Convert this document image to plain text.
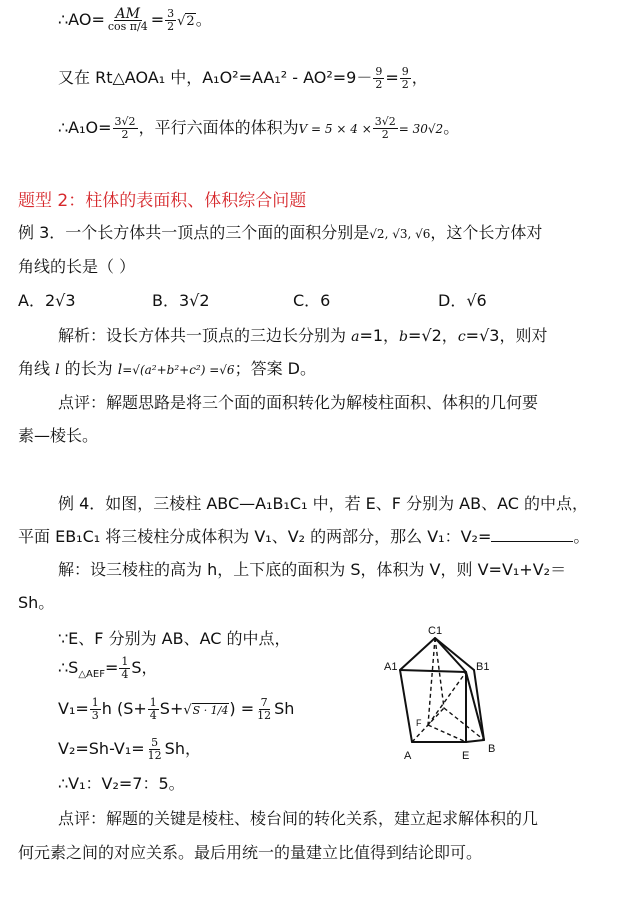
∴AO= AM
$\cos \pi/4 = \frac{3}{2} √2$。
又在 Rt△AOA₁ 中，$A_1O^2=AA_1^2 - AO^2=9- \frac{9}{2} = \frac{9}{2}$ ，
∴A₁O= $\frac{3√2}{2}$ ，平行六面体的体积为$V = 5 \times 4 \times \frac{3√2}{2} = 30√2$。
题型 2：柱体的表面积、体积综合问题
例 3．一个长方体共一顶点的三个面的面积分别是√2, √3, √6，这个长方体对
角线的长是（ ）
A．2√3	B．3√2	C．6	D．√6
解析：设长方体共一顶点的三边长分别为 a=1，b=√2，c=√3，则对
角线 l 的长为 l=√(a²+b²+c²) =√6；答案 D。
点评：解题思路是将三个面的面积转化为解棱柱面积、体积的几何要
素—棱长。
例 4．如图，三棱柱 ABC—A₁B₁C₁ 中，若 E、F 分别为 AB、AC 的中点，
平面 EB₁C₁ 将三棱柱分成体积为 V₁、V₂ 的两部分，那么 V₁：V₂=	。
解：设三棱柱的高为 h，上下底的面积为 S，体积为 V，则 V=V₁+V₂＝
Sh。
∵E、F 分别为 AB、AC 的中点，
$\therefore S_{\triangle AEF}= \frac{1}{4}$ S，
$V_1= \frac{1}{3}$ h $(S+ \frac{1}{4} S+√S \cdot 1/4) = \frac{7}{12}$ Sh
$V_2=Sh-V_1= \frac{5}{12}$ Sh，
∴V₁：V₂=7：5。
点评：解题的关键是棱柱、棱台间的转化关系，建立起求解体积的几
何元素之间的对应关系。最后用统一的量建立比值得到结论即可。
A1
C1
B1
F
A	E
B
